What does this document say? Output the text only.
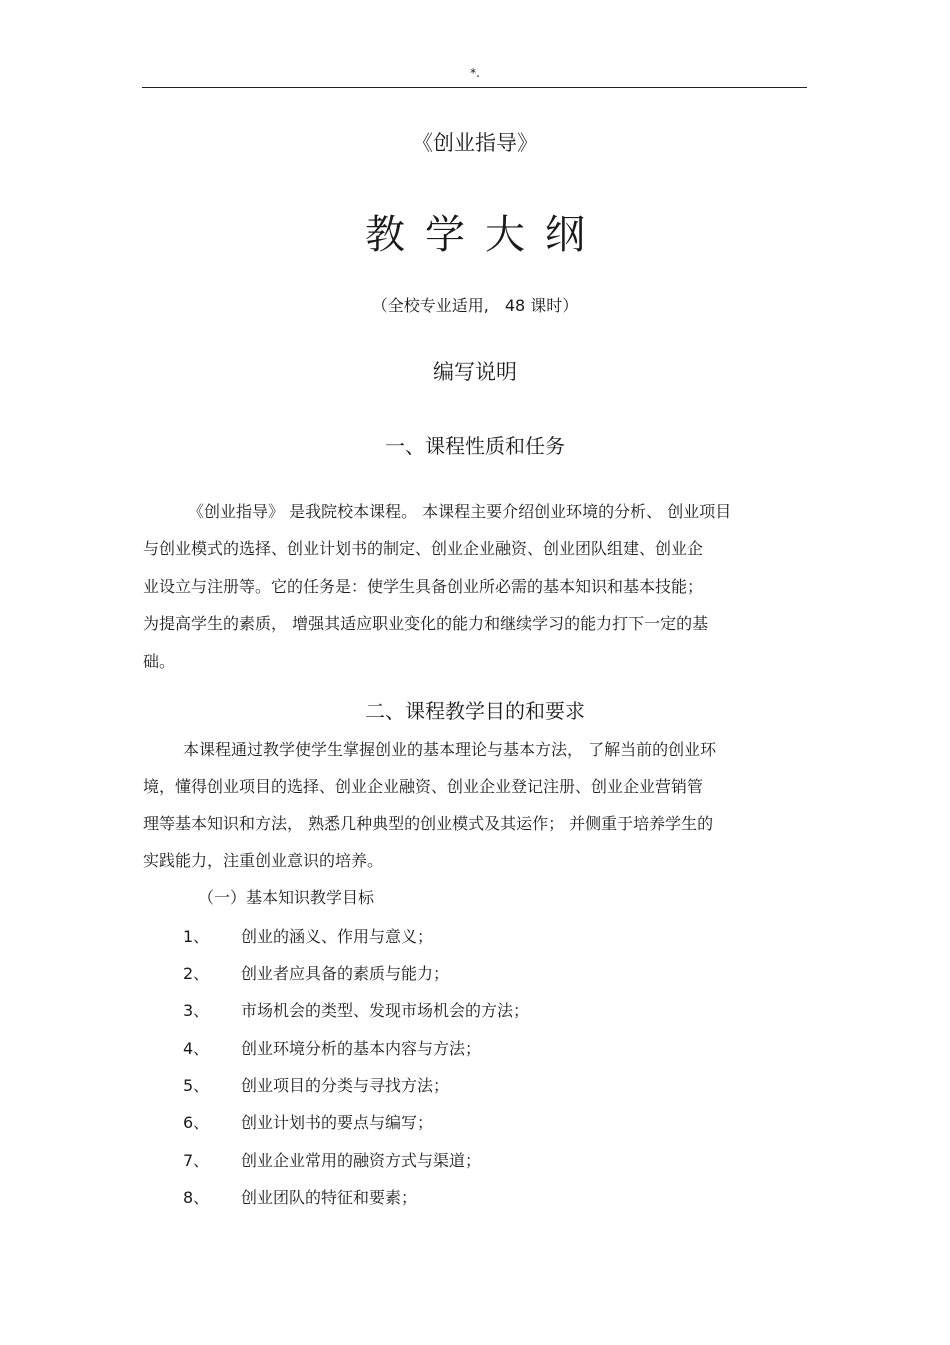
*.
《创业指导》
教学大纲
（全校专业适用, 48 课时）
编写说明
一、课程性质和任务
《创业指导》 是我院校本课程。 本课程主要介绍创业环境的分析、 创业项目
与创业模式的选择、创业计划书的制定、创业企业融资、创业团队组建、创业企
业设立与注册等。它的任务是：使学生具备创业所必需的基本知识和基本技能；
为提高学生的素质， 增强其适应职业变化的能力和继续学习的能力打下一定的基
础。
二、课程教学目的和要求
本课程通过教学使学生掌握创业的基本理论与基本方法， 了解当前的创业环
境，懂得创业项目的选择、创业企业融资、创业企业登记注册、创业企业营销管
理等基本知识和方法， 熟悉几种典型的创业模式及其运作； 并侧重于培养学生的
实践能力，注重创业意识的培养。
（一）基本知识教学目标
1、 创业的涵义、作用与意义；
2、 创业者应具备的素质与能力；
3、 市场机会的类型、发现市场机会的方法；
4、 创业环境分析的基本内容与方法；
5、 创业项目的分类与寻找方法；
6、 创业计划书的要点与编写；
7、 创业企业常用的融资方式与渠道；
8、 创业团队的特征和要素；
